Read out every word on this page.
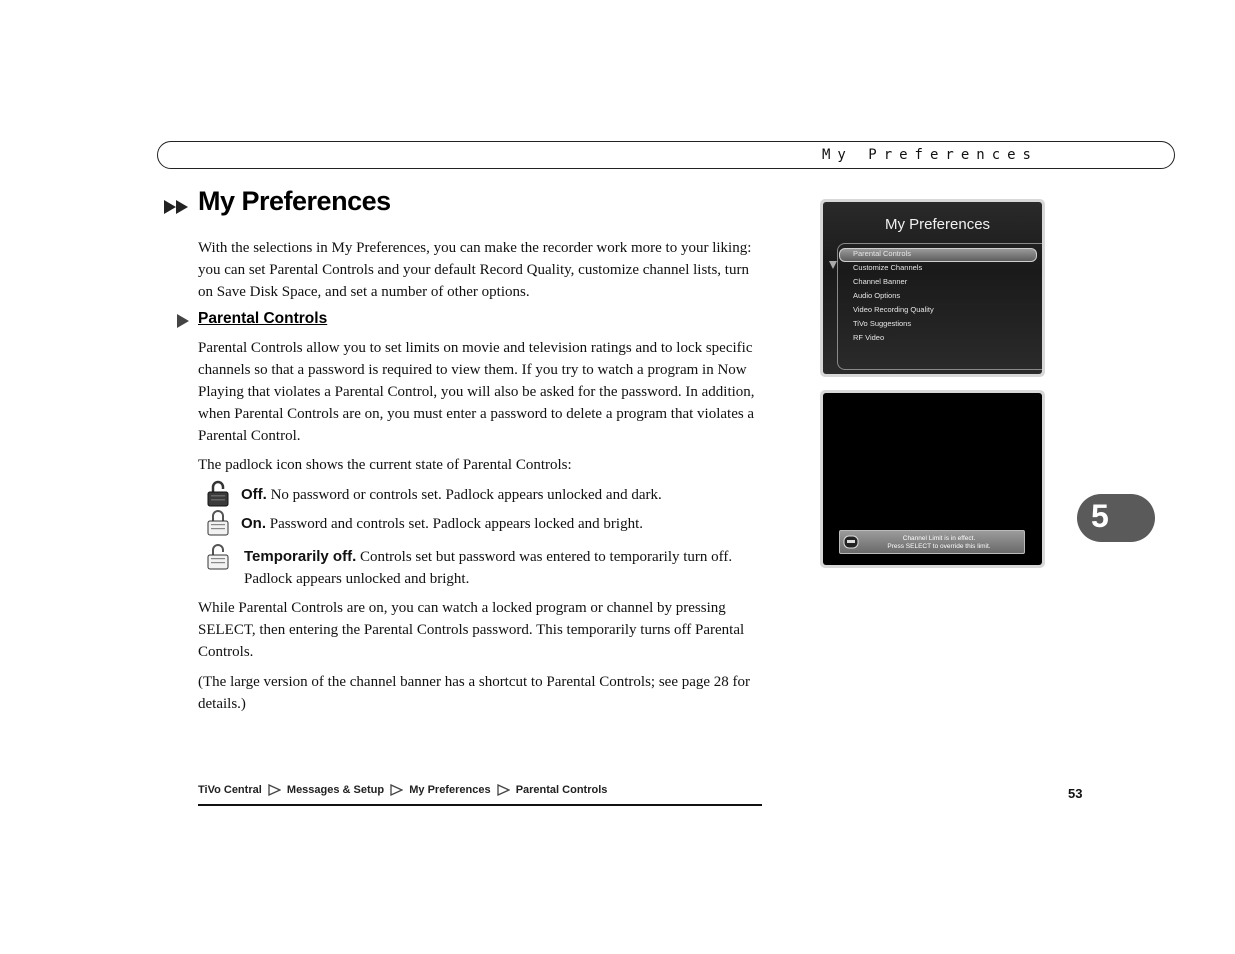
My Preferences
My Preferences

With the selections in My Preferences, you can make the recorder work more to your liking: you can set Parental Controls and your default Record Quality, customize channel lists, turn on Save Disk Space, and set a number of other options.

Parental Controls

Parental Controls allow you to set limits on movie and television ratings and to lock specific channels so that a password is required to view them. If you try to watch a program in Now Playing that violates a Parental Control, you will also be asked for the password. In addition, when Parental Controls are on, you must enter a password to delete a program that violates a Parental Control.

The padlock icon shows the current state of Parental Controls:

Off. No password or controls set. Padlock appears unlocked and dark.
On. Password and controls set. Padlock appears locked and bright.
Temporarily off. Controls set but password was entered to temporarily turn off.
Padlock appears unlocked and bright.

While Parental Controls are on, you can watch a locked program or channel by pressing SELECT, then entering the Parental Controls password. This temporarily turns off Parental Controls.

(The large version of the channel banner has a shortcut to Parental Controls; see page 28 for details.)

My Preferences
Parental Controls
Customize Channels
Channel Banner
Audio Options
Video Recording Quality
TiVo Suggestions
RF Video
Channel Limit is in effect.
Press SELECT to override this limit.
5
TiVo Central Messages & Setup My Preferences Parental Controls	53
